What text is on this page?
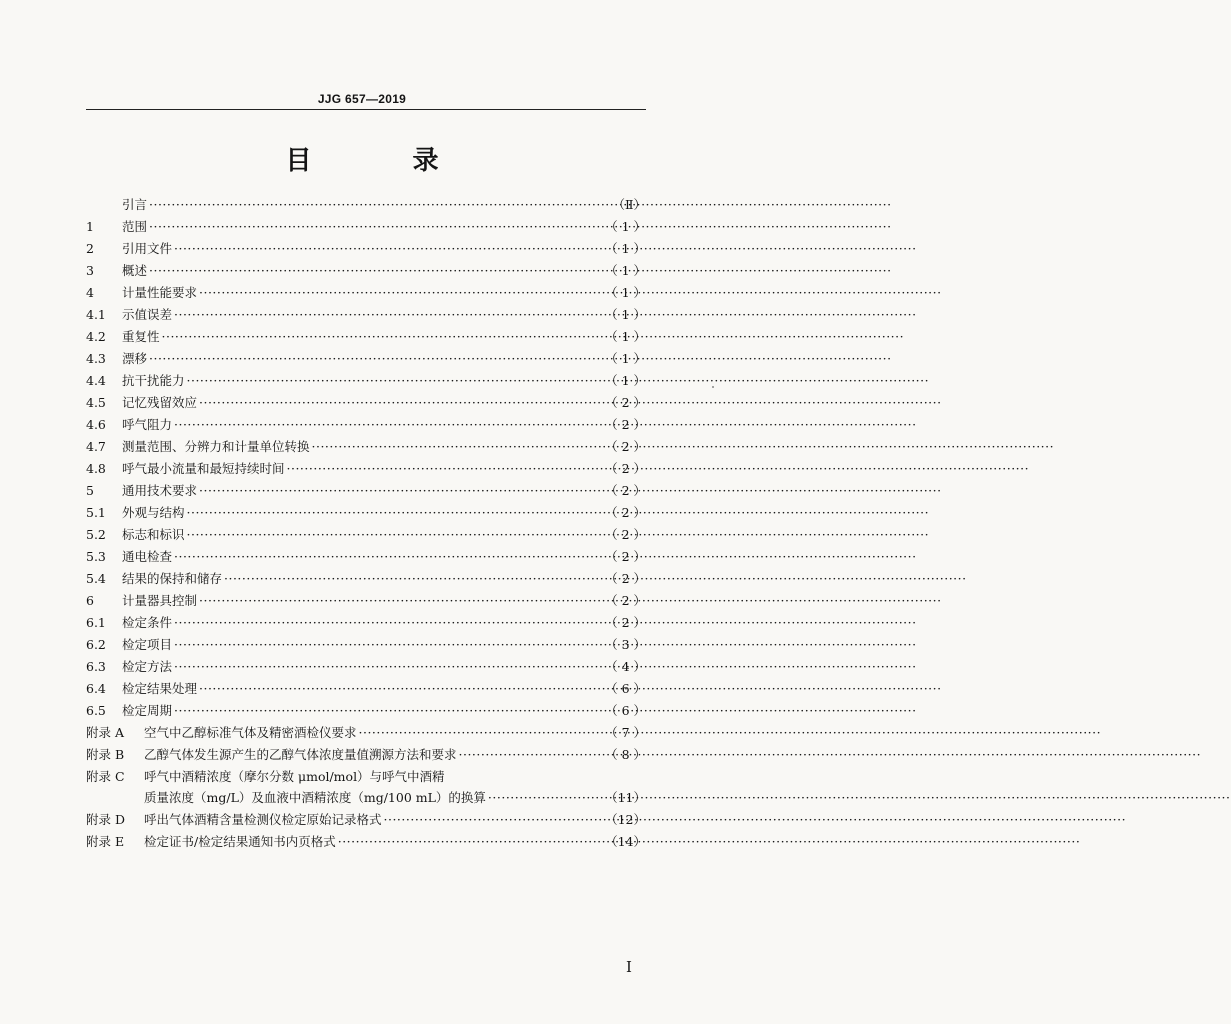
JJG 657—2019
目 录
引言 ·····	（Ⅱ）
1	范围 ·····	（ 1 ）
2	引用文件 ·····	（ 1 ）
3	概述 ·····	（ 1 ）
4	计量性能要求 ·····	（ 1 ）
4.1	示值误差 ·····	（ 1 ）
4.2	重复性 ·····	（ 1 ）
4.3	漂移 ·····	（ 1 ）
4.4	抗干扰能力 ·····	（ 1 ）
4.5	记忆残留效应 ·····	（ 2 ）
4.6	呼气阻力 ·····	（ 2 ）
4.7	测量范围、分辨力和计量单位转换 ·····	（ 2 ）
4.8	呼气最小流量和最短持续时间 ·····	（ 2 ）
5	通用技术要求 ·····	（ 2 ）
5.1	外观与结构 ·····	（ 2 ）
5.2	标志和标识 ·····	（ 2 ）
5.3	通电检查 ·····	（ 2 ）
5.4	结果的保持和储存 ·····	（ 2 ）
6	计量器具控制 ·····	（ 2 ）
6.1	检定条件 ·····	（ 2 ）
6.2	检定项目 ·····	（ 3 ）
6.3	检定方法 ·····	（ 4 ）
6.4	检定结果处理 ·····	（ 6 ）
6.5	检定周期 ·····	（ 6 ）
附录 A	空气中乙醇标准气体及精密酒检仪要求 ·····	（ 7 ）
附录 B	乙醇气体发生源产生的乙醇气体浓度量值溯源方法和要求 ·····	（ 8 ）
附录 C	呼气中酒精浓度（摩尔分数 μmol/mol）与呼气中酒精
质量浓度（mg/L）及血液中酒精浓度（mg/100 mL）的换算 ·····	（11）
附录 D	呼出气体酒精含量检测仪检定原始记录格式 ·····	（12）
附录 E	检定证书/检定结果通知书内页格式 ·····	（14）
I
